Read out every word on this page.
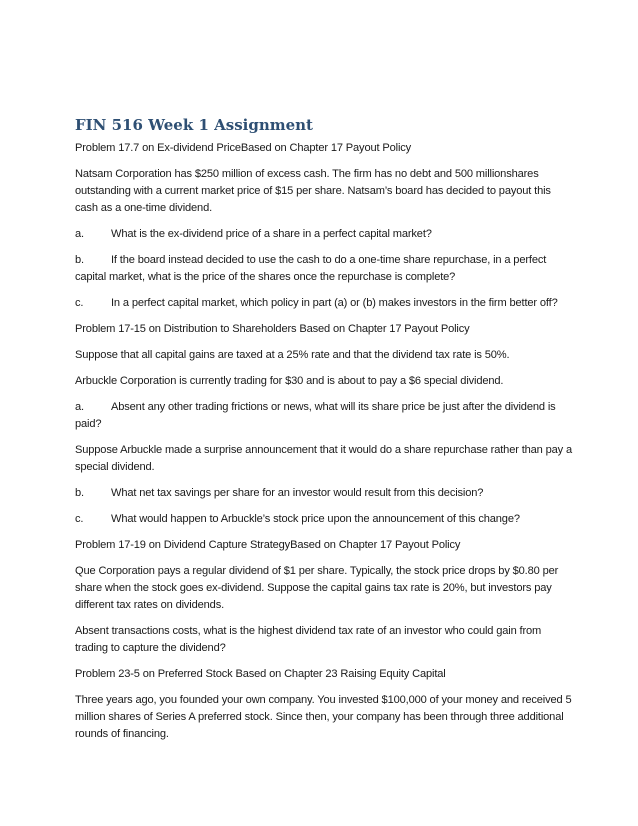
FIN 516 Week 1 Assignment

Problem 17.7 on Ex-dividend PriceBased on Chapter 17 Payout Policy

Natsam Corporation has $250 million of excess cash. The firm has no debt and 500 millionshares outstanding with a current market price of $15 per share. Natsam’s board has decided to payout this cash as a one-time dividend.

a. What is the ex-dividend price of a share in a perfect capital market?

b. If the board instead decided to use the cash to do a one-time share repurchase, in a perfect capital market, what is the price of the shares once the repurchase is complete?

c. In a perfect capital market, which policy in part (a) or (b) makes investors in the firm better off?

Problem 17-15 on Distribution to Shareholders Based on Chapter 17 Payout Policy

Suppose that all capital gains are taxed at a 25% rate and that the dividend tax rate is 50%.

Arbuckle Corporation is currently trading for $30 and is about to pay a $6 special dividend.

a. Absent any other trading frictions or news, what will its share price be just after the dividend is paid?

Suppose Arbuckle made a surprise announcement that it would do a share repurchase rather than pay a special dividend.

b. What net tax savings per share for an investor would result from this decision?

c. What would happen to Arbuckle’s stock price upon the announcement of this change?

Problem 17-19 on Dividend Capture StrategyBased on Chapter 17 Payout Policy

Que Corporation pays a regular dividend of $1 per share. Typically, the stock price drops by $0.80 per share when the stock goes ex-dividend. Suppose the capital gains tax rate is 20%, but investors pay different tax rates on dividends.

Absent transactions costs, what is the highest dividend tax rate of an investor who could gain from trading to capture the dividend?

Problem 23-5 on Preferred Stock Based on Chapter 23 Raising Equity Capital

Three years ago, you founded your own company. You invested $100,000 of your money and received 5 million shares of Series A preferred stock. Since then, your company has been through three additional rounds of financing.
